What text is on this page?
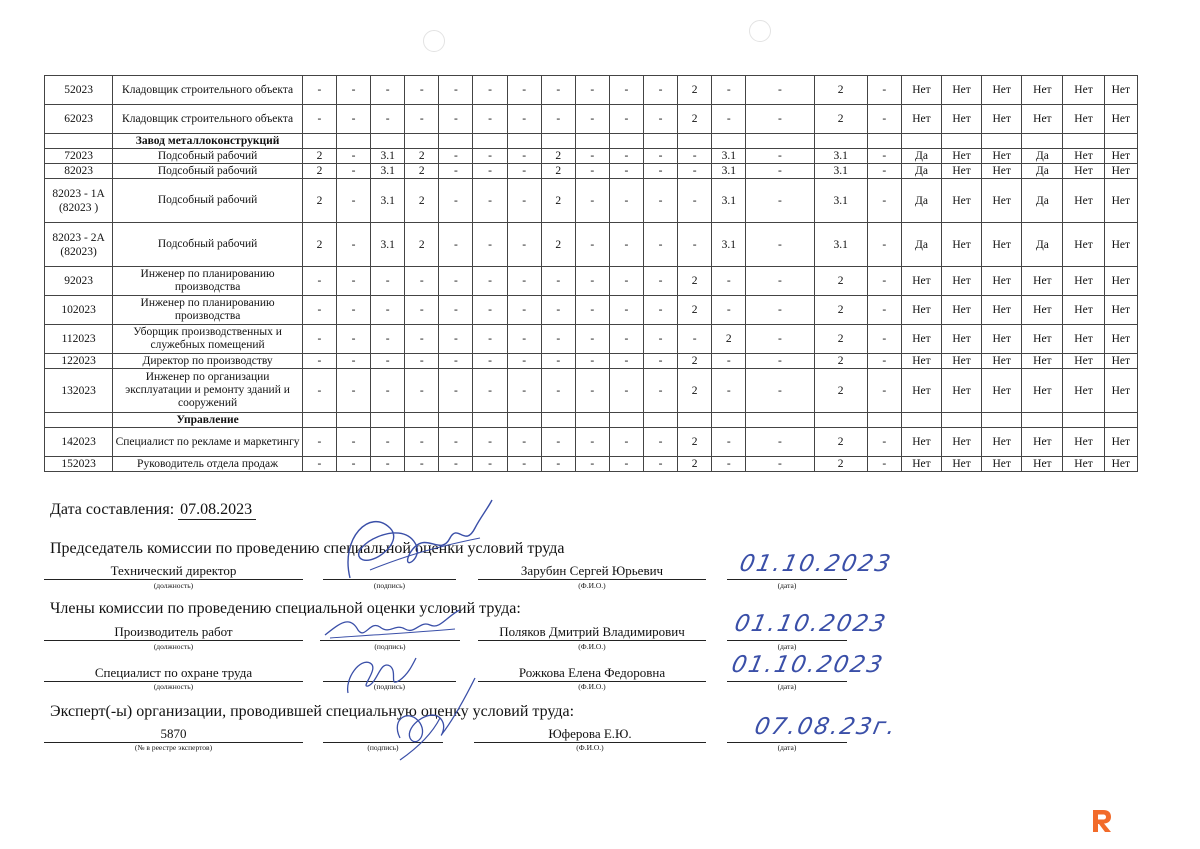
52023	Кладовщик строительного объекта	-	-	-	-	-	-	-	-	-	-	-	2	-	-	2	-	Нет	Нет	Нет	Нет	Нет	Нет
62023	Кладовщик строительного объекта	-	-	-	-	-	-	-	-	-	-	-	2	-	-	2	-	Нет	Нет	Нет	Нет	Нет	Нет
	Завод металлоконструкций																						
72023	Подсобный рабочий	2	-	3.1	2	-	-	-	2	-	-	-	-	3.1	-	3.1	-	Да	Нет	Нет	Да	Нет	Нет
82023	Подсобный рабочий	2	-	3.1	2	-	-	-	2	-	-	-	-	3.1	-	3.1	-	Да	Нет	Нет	Да	Нет	Нет
82023 - 1А (82023 )	Подсобный рабочий	2	-	3.1	2	-	-	-	2	-	-	-	-	3.1	-	3.1	-	Да	Нет	Нет	Да	Нет	Нет
82023 - 2А (82023)	Подсобный рабочий	2	-	3.1	2	-	-	-	2	-	-	-	-	3.1	-	3.1	-	Да	Нет	Нет	Да	Нет	Нет
92023	Инженер по планированию производства	-	-	-	-	-	-	-	-	-	-	-	2	-	-	2	-	Нет	Нет	Нет	Нет	Нет	Нет
102023	Инженер по планированию производства	-	-	-	-	-	-	-	-	-	-	-	2	-	-	2	-	Нет	Нет	Нет	Нет	Нет	Нет
112023	Уборщик производственных и служебных помещений	-	-	-	-	-	-	-	-	-	-	-	-	2	-	2	-	Нет	Нет	Нет	Нет	Нет	Нет
122023	Директор по производству	-	-	-	-	-	-	-	-	-	-	-	2	-	-	2	-	Нет	Нет	Нет	Нет	Нет	Нет
132023	Инженер по организации эксплуатации и ремонту зданий и сооружений	-	-	-	-	-	-	-	-	-	-	-	2	-	-	2	-	Нет	Нет	Нет	Нет	Нет	Нет
	Управление																						
142023	Специалист по рекламе и маркетингу	-	-	-	-	-	-	-	-	-	-	-	2	-	-	2	-	Нет	Нет	Нет	Нет	Нет	Нет
152023	Руководитель отдела продаж	-	-	-	-	-	-	-	-	-	-	-	2	-	-	2	-	Нет	Нет	Нет	Нет	Нет	Нет
Дата составления: 07.08.2023
Председатель комиссии по проведению специальной оценки условий труда
Технический директор
(должность)	(подпись)
Зарубин Сергей Юрьевич
(Ф.И.О.)	(дата)
01.10.2023
Члены комиссии по проведению специальной оценки условий труда:
Производитель работ
(должность)	(подпись)
Поляков Дмитрий Владимирович
(Ф.И.О.)	(дата)
01.10.2023
Специалист по охране труда
(должность)	(подпись)
Рожкова Елена Федоровна
(Ф.И.О.)	(дата)
01.10.2023
Эксперт(-ы) организации, проводившей специальную оценку условий труда:
5870
(№ в реестре экспертов)	(подпись)
Юферова Е.Ю.
(Ф.И.О.)	(дата)
07.08.23г.
